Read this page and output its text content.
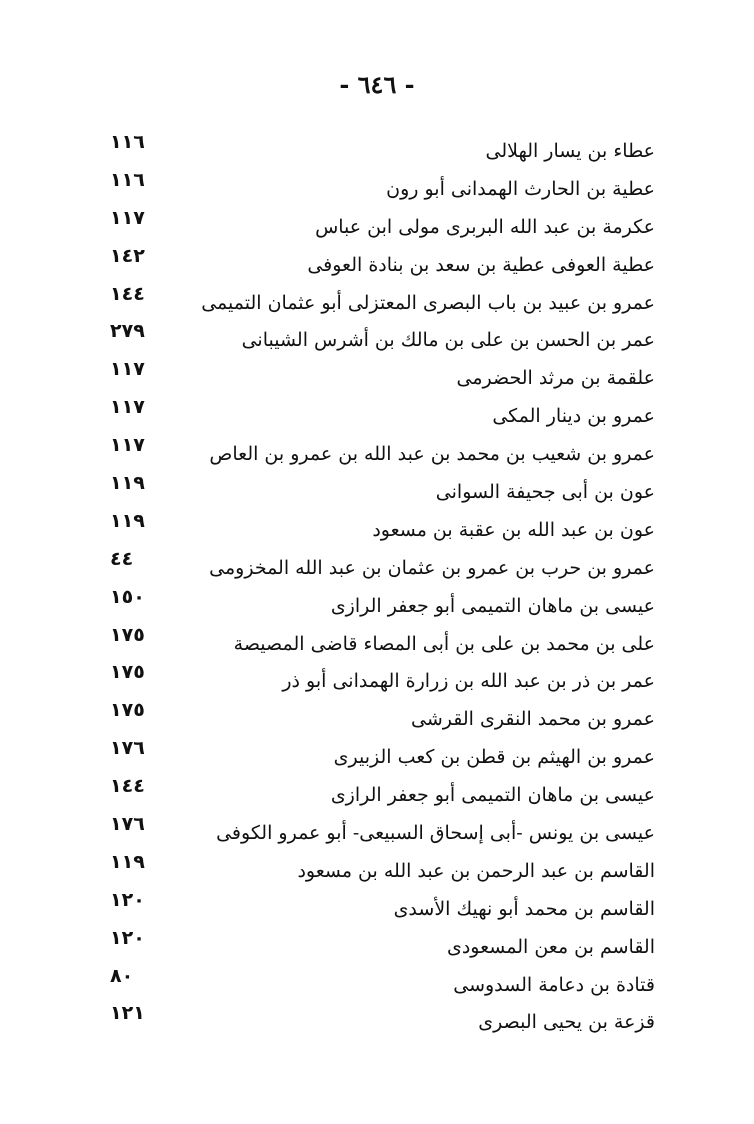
- ٦٤٦ -
عطاء بن يسار الهلالى
١١٦
عطية بن الحارث الهمدانى أبو رون
١١٦
عكرمة بن عبد الله البربرى مولى ابن عباس
١١٧
عطية العوفى عطية بن سعد بن بنادة العوفى
١٤٢
عمرو بن عبيد بن باب البصرى المعتزلى أبو عثمان التميمى
١٤٤
عمر بن الحسن بن على بن مالك بن أشرس الشيبانى
٢٧٩
علقمة بن مرثد الحضرمى
١١٧
عمرو بن دينار المكى
١١٧
عمرو بن شعيب بن محمد بن عبد الله بن عمرو بن العاص
١١٧
عون بن أبى جحيفة السوانى
١١٩
عون بن عبد الله بن عقبة بن مسعود
١١٩
عمرو بن حرب بن عمرو بن عثمان بن عبد الله المخزومى
٤٤
عيسى بن ماهان التميمى أبو جعفر الرازى
١٥٠
على بن محمد بن على بن أبى المصاء قاضى المصيصة
١٧٥
عمر بن ذر بن عبد الله بن زرارة الهمدانى أبو ذر
١٧٥
عمرو بن محمد النقرى القرشى
١٧٥
عمرو بن الهيثم بن قطن بن كعب الزبيرى
١٧٦
عيسى بن ماهان التميمى أبو جعفر الرازى
١٤٤
عيسى بن يونس -أبى إسحاق السبيعى- أبو عمرو الكوفى
١٧٦
القاسم بن عبد الرحمن بن عبد الله بن مسعود
١١٩
القاسم بن محمد أبو نهيك الأسدى
١٢٠
القاسم بن معن المسعودى
١٢٠
قتادة بن دعامة السدوسى
٨٠
قزعة بن يحيى البصرى
١٢١
